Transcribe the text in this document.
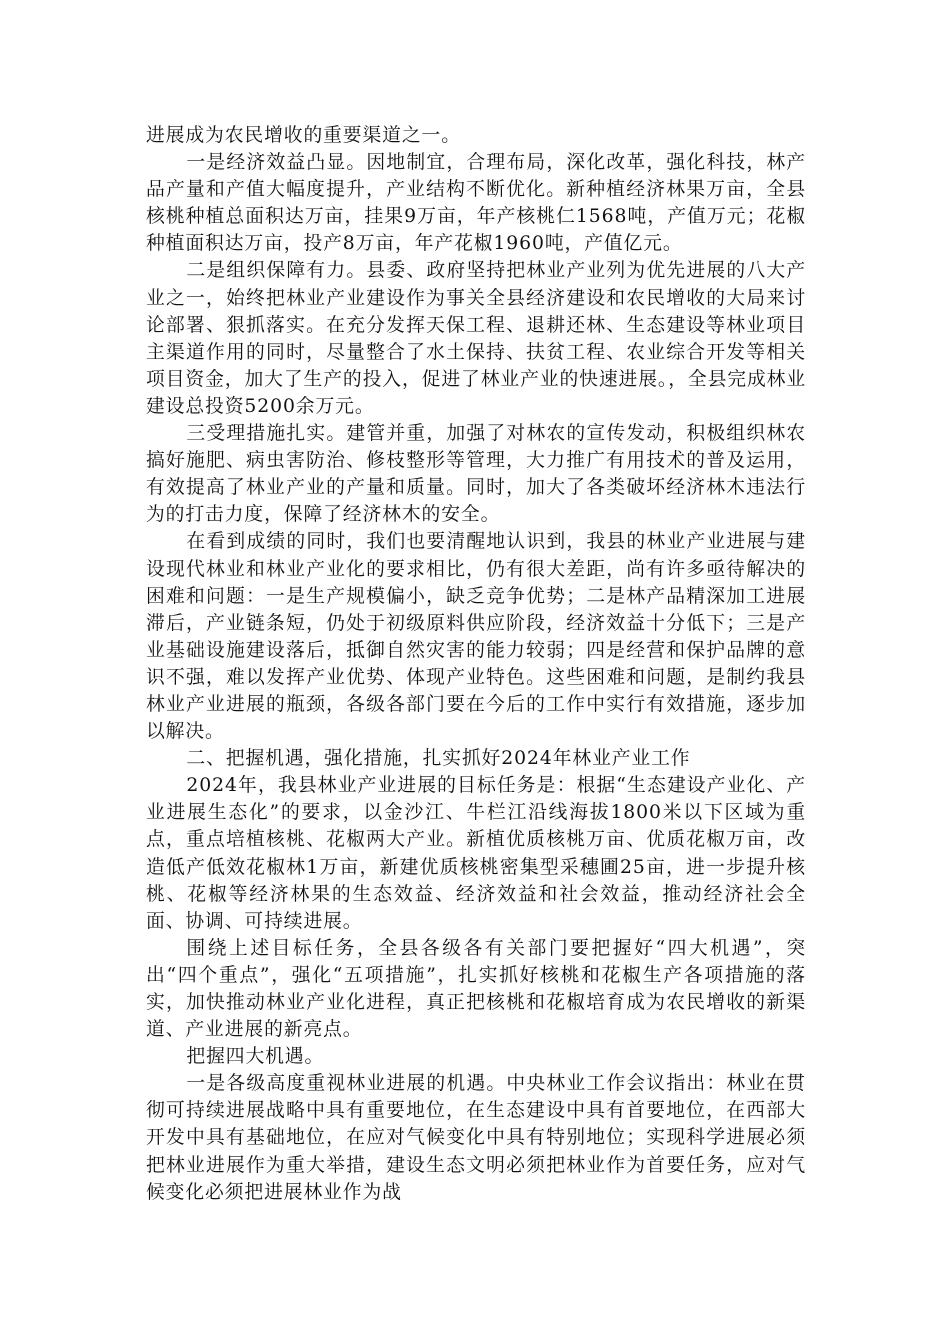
进展成为农民增收的重要渠道之一。

一是经济效益凸显。因地制宜，合理布局，深化改革，强化科技，林产品产量和产值大幅度提升，产业结构不断优化。新种植经济林果万亩，全县核桃种植总面积达万亩，挂果9万亩，年产核桃仁1568吨，产值万元；花椒种植面积达万亩，投产8万亩，年产花椒1960吨，产值亿元。

二是组织保障有力。县委、政府坚持把林业产业列为优先进展的八大产业之一，始终把林业产业建设作为事关全县经济建设和农民增收的大局来讨论部署、狠抓落实。在充分发挥天保工程、退耕还林、生态建设等林业项目主渠道作用的同时，尽量整合了水土保持、扶贫工程、农业综合开发等相关项目资金，加大了生产的投入，促进了林业产业的快速进展。，全县完成林业建设总投资5200余万元。

三受理措施扎实。建管并重，加强了对林农的宣传发动，积极组织林农搞好施肥、病虫害防治、修枝整形等管理，大力推广有用技术的普及运用，有效提高了林业产业的产量和质量。同时，加大了各类破坏经济林木违法行为的打击力度，保障了经济林木的安全。

在看到成绩的同时，我们也要清醒地认识到，我县的林业产业进展与建设现代林业和林业产业化的要求相比，仍有很大差距，尚有许多亟待解决的困难和问题：一是生产规模偏小，缺乏竞争优势；二是林产品精深加工进展滞后，产业链条短，仍处于初级原料供应阶段，经济效益十分低下；三是产业基础设施建设落后，抵御自然灾害的能力较弱；四是经营和保护品牌的意识不强，难以发挥产业优势、体现产业特色。这些困难和问题，是制约我县林业产业进展的瓶颈，各级各部门要在今后的工作中实行有效措施，逐步加以解决。

二、把握机遇，强化措施，扎实抓好2024年林业产业工作

2024年，我县林业产业进展的目标任务是：根据“生态建设产业化、产业进展生态化”的要求，以金沙江、牛栏江沿线海拔1800米以下区域为重点，重点培植核桃、花椒两大产业。新植优质核桃万亩、优质花椒万亩，改造低产低效花椒林1万亩，新建优质核桃密集型采穗圃25亩，进一步提升核桃、花椒等经济林果的生态效益、经济效益和社会效益，推动经济社会全面、协调、可持续进展。

围绕上述目标任务，全县各级各有关部门要把握好“四大机遇”，突出“四个重点”，强化“五项措施”，扎实抓好核桃和花椒生产各项措施的落实，加快推动林业产业化进程，真正把核桃和花椒培育成为农民增收的新渠道、产业进展的新亮点。

把握四大机遇。

一是各级高度重视林业进展的机遇。中央林业工作会议指出：林业在贯彻可持续进展战略中具有重要地位，在生态建设中具有首要地位，在西部大开发中具有基础地位，在应对气候变化中具有特别地位；实现科学进展必须把林业进展作为重大举措，建设生态文明必须把林业作为首要任务，应对气候变化必须把进展林业作为战
